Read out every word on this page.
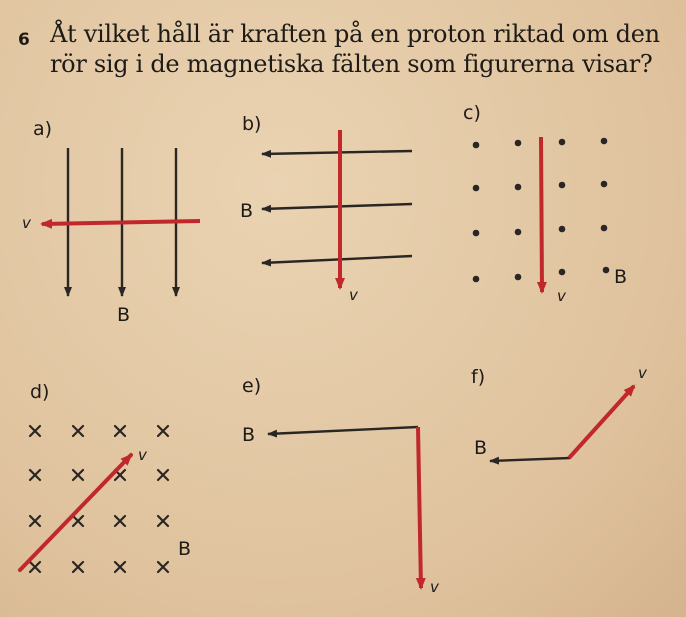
6 Åt vilket håll är kraften på en proton riktad om den
rör sig i de magnetiska fälten som figurerna visar?
a)
v
B
b)
B
v
c)
v
B
d)
v
B
e)
B
v
f)	v
B
